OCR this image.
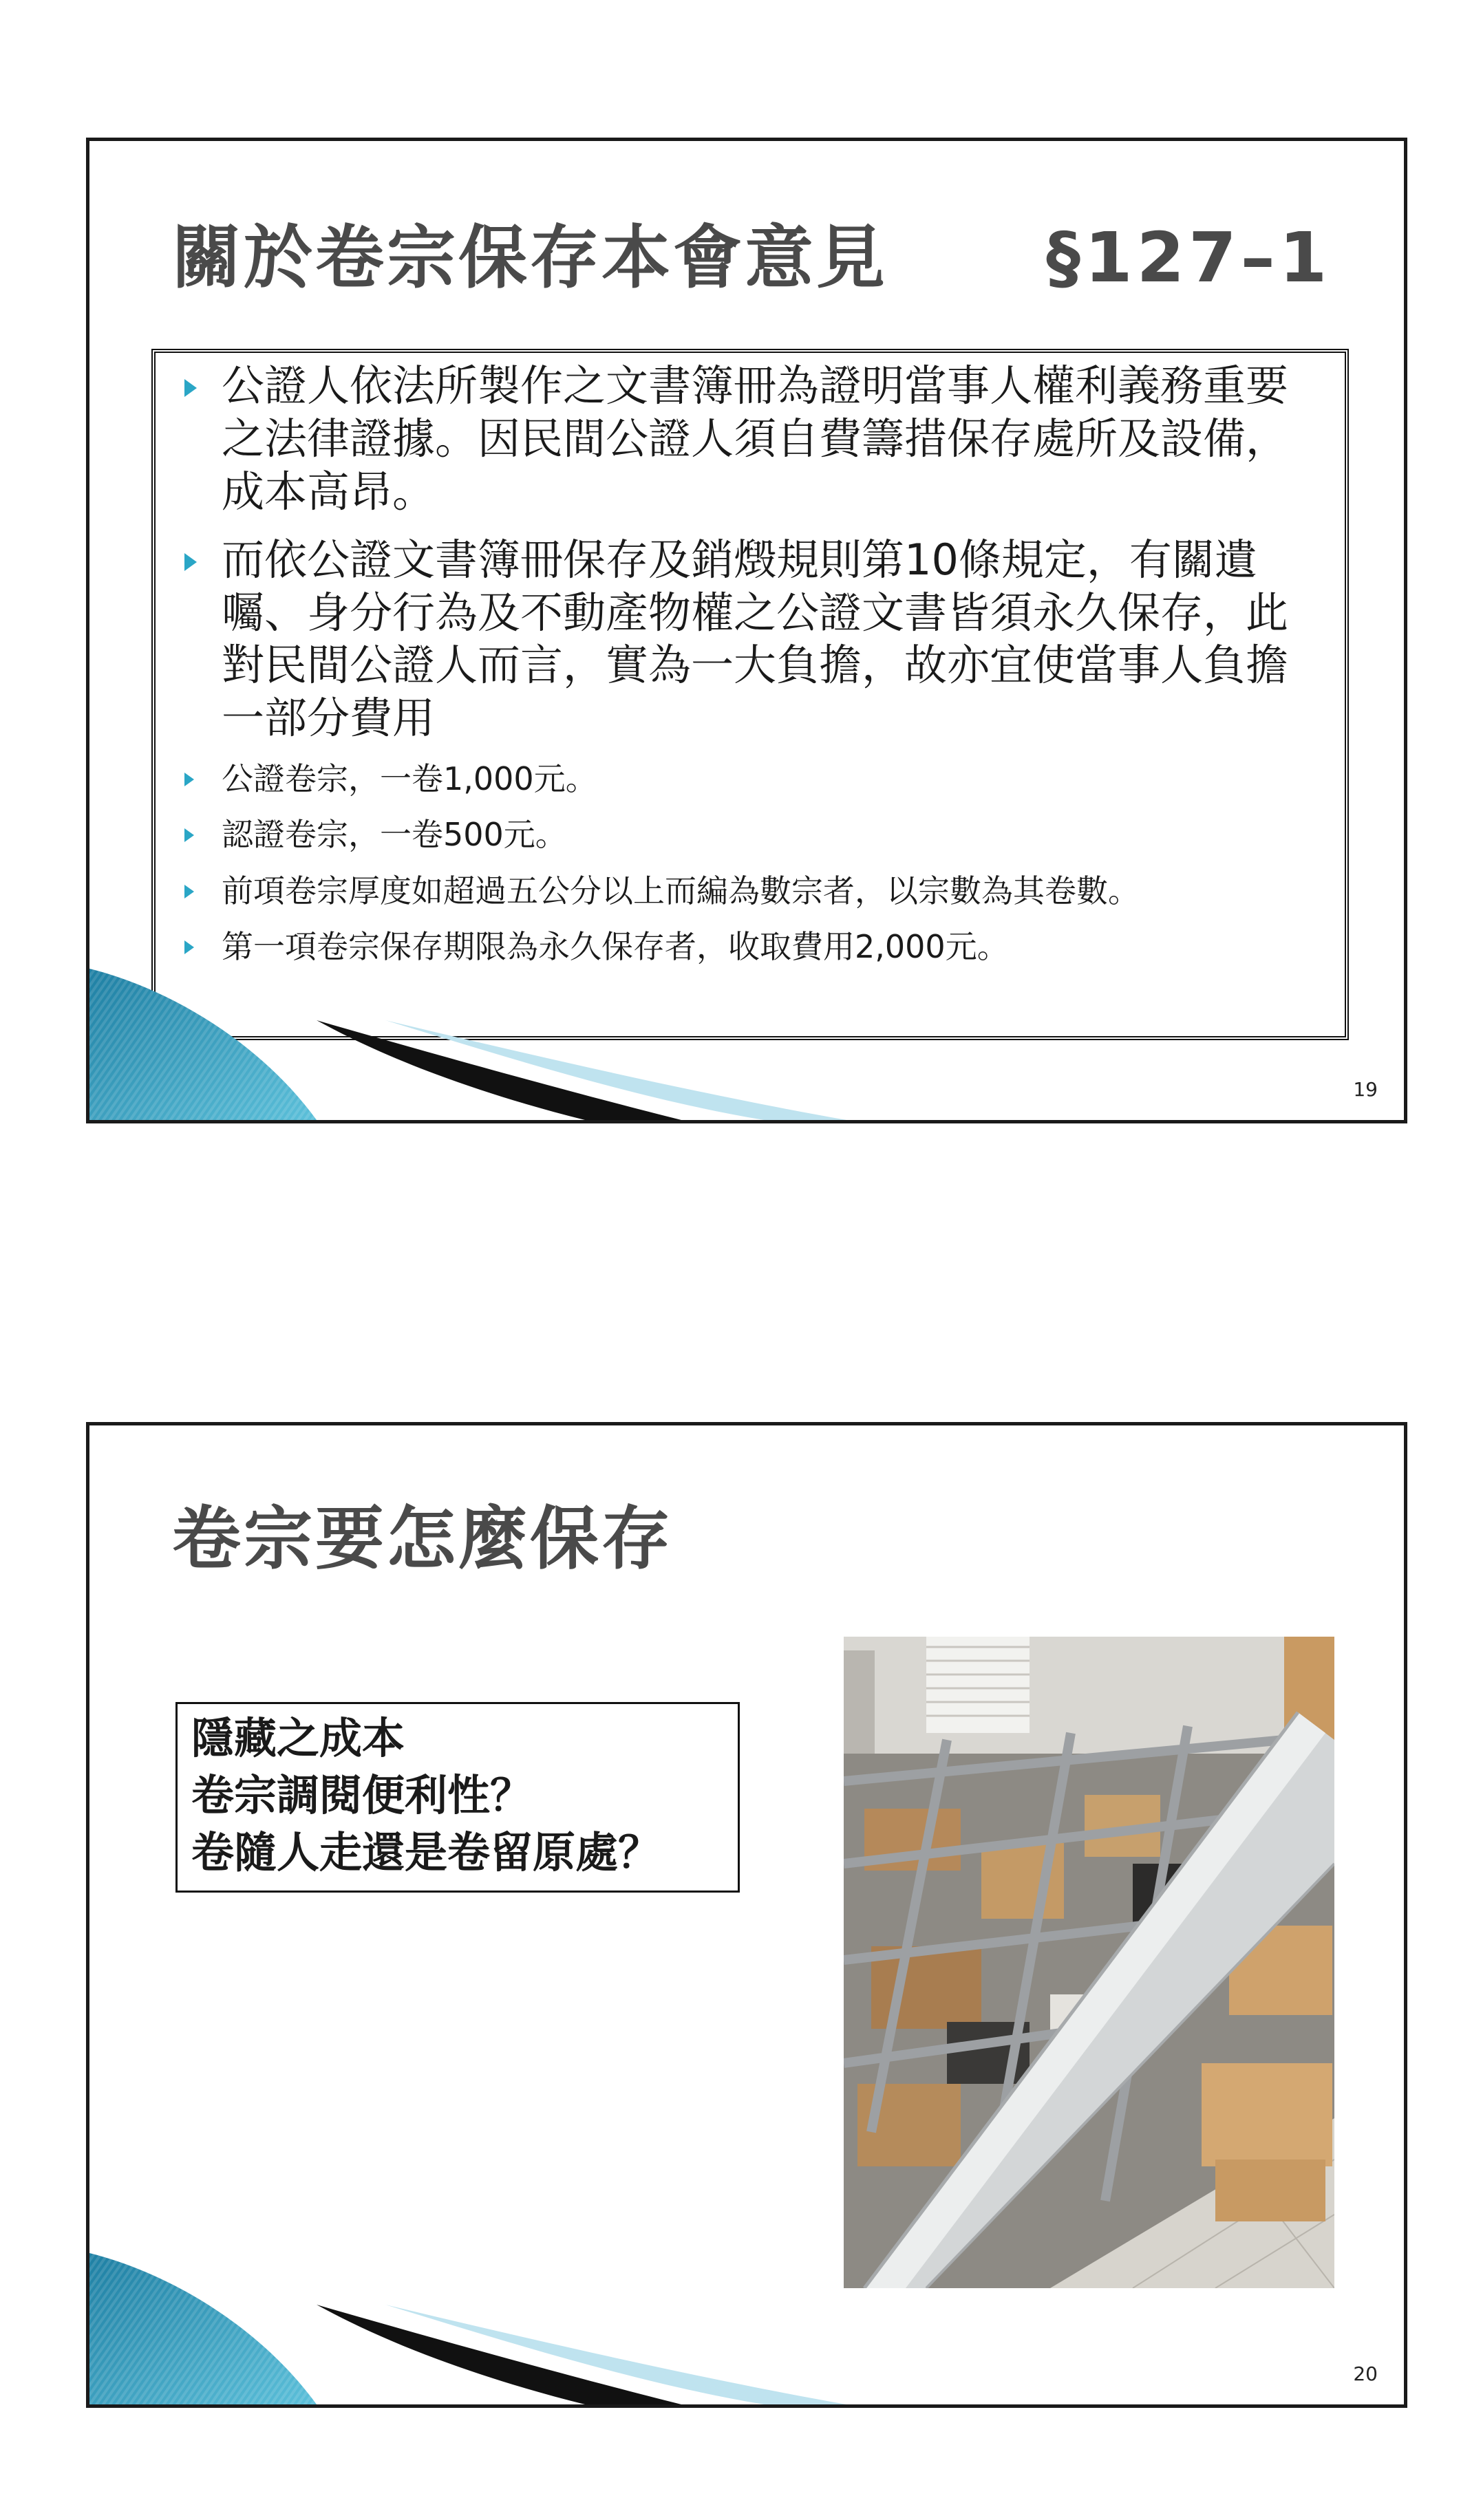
關於卷宗保存本會意見 §127–1
公證人依法所製作之文書簿冊為證明當事人權利義務重要之法律證據。因民間公證人須自費籌措保存處所及設備，成本高昂。
而依公證文書簿冊保存及銷燬規則第10條規定，有關遺囑、身分行為及不動產物權之公證文書皆須永久保存，此對民間公證人而言，實為一大負擔，故亦宜使當事人負擔一部分費用
公證卷宗，一卷1,000元。
認證卷宗，一卷500元。
前項卷宗厚度如超過五公分以上而編為數宗者，以宗數為其卷數。
第一項卷宗保存期限為永久保存者，收取費用2,000元。
19
卷宗要怎麼保存
隱藏之成本
卷宗調閱便利性？
卷隨人走還是卷留原處？
20
